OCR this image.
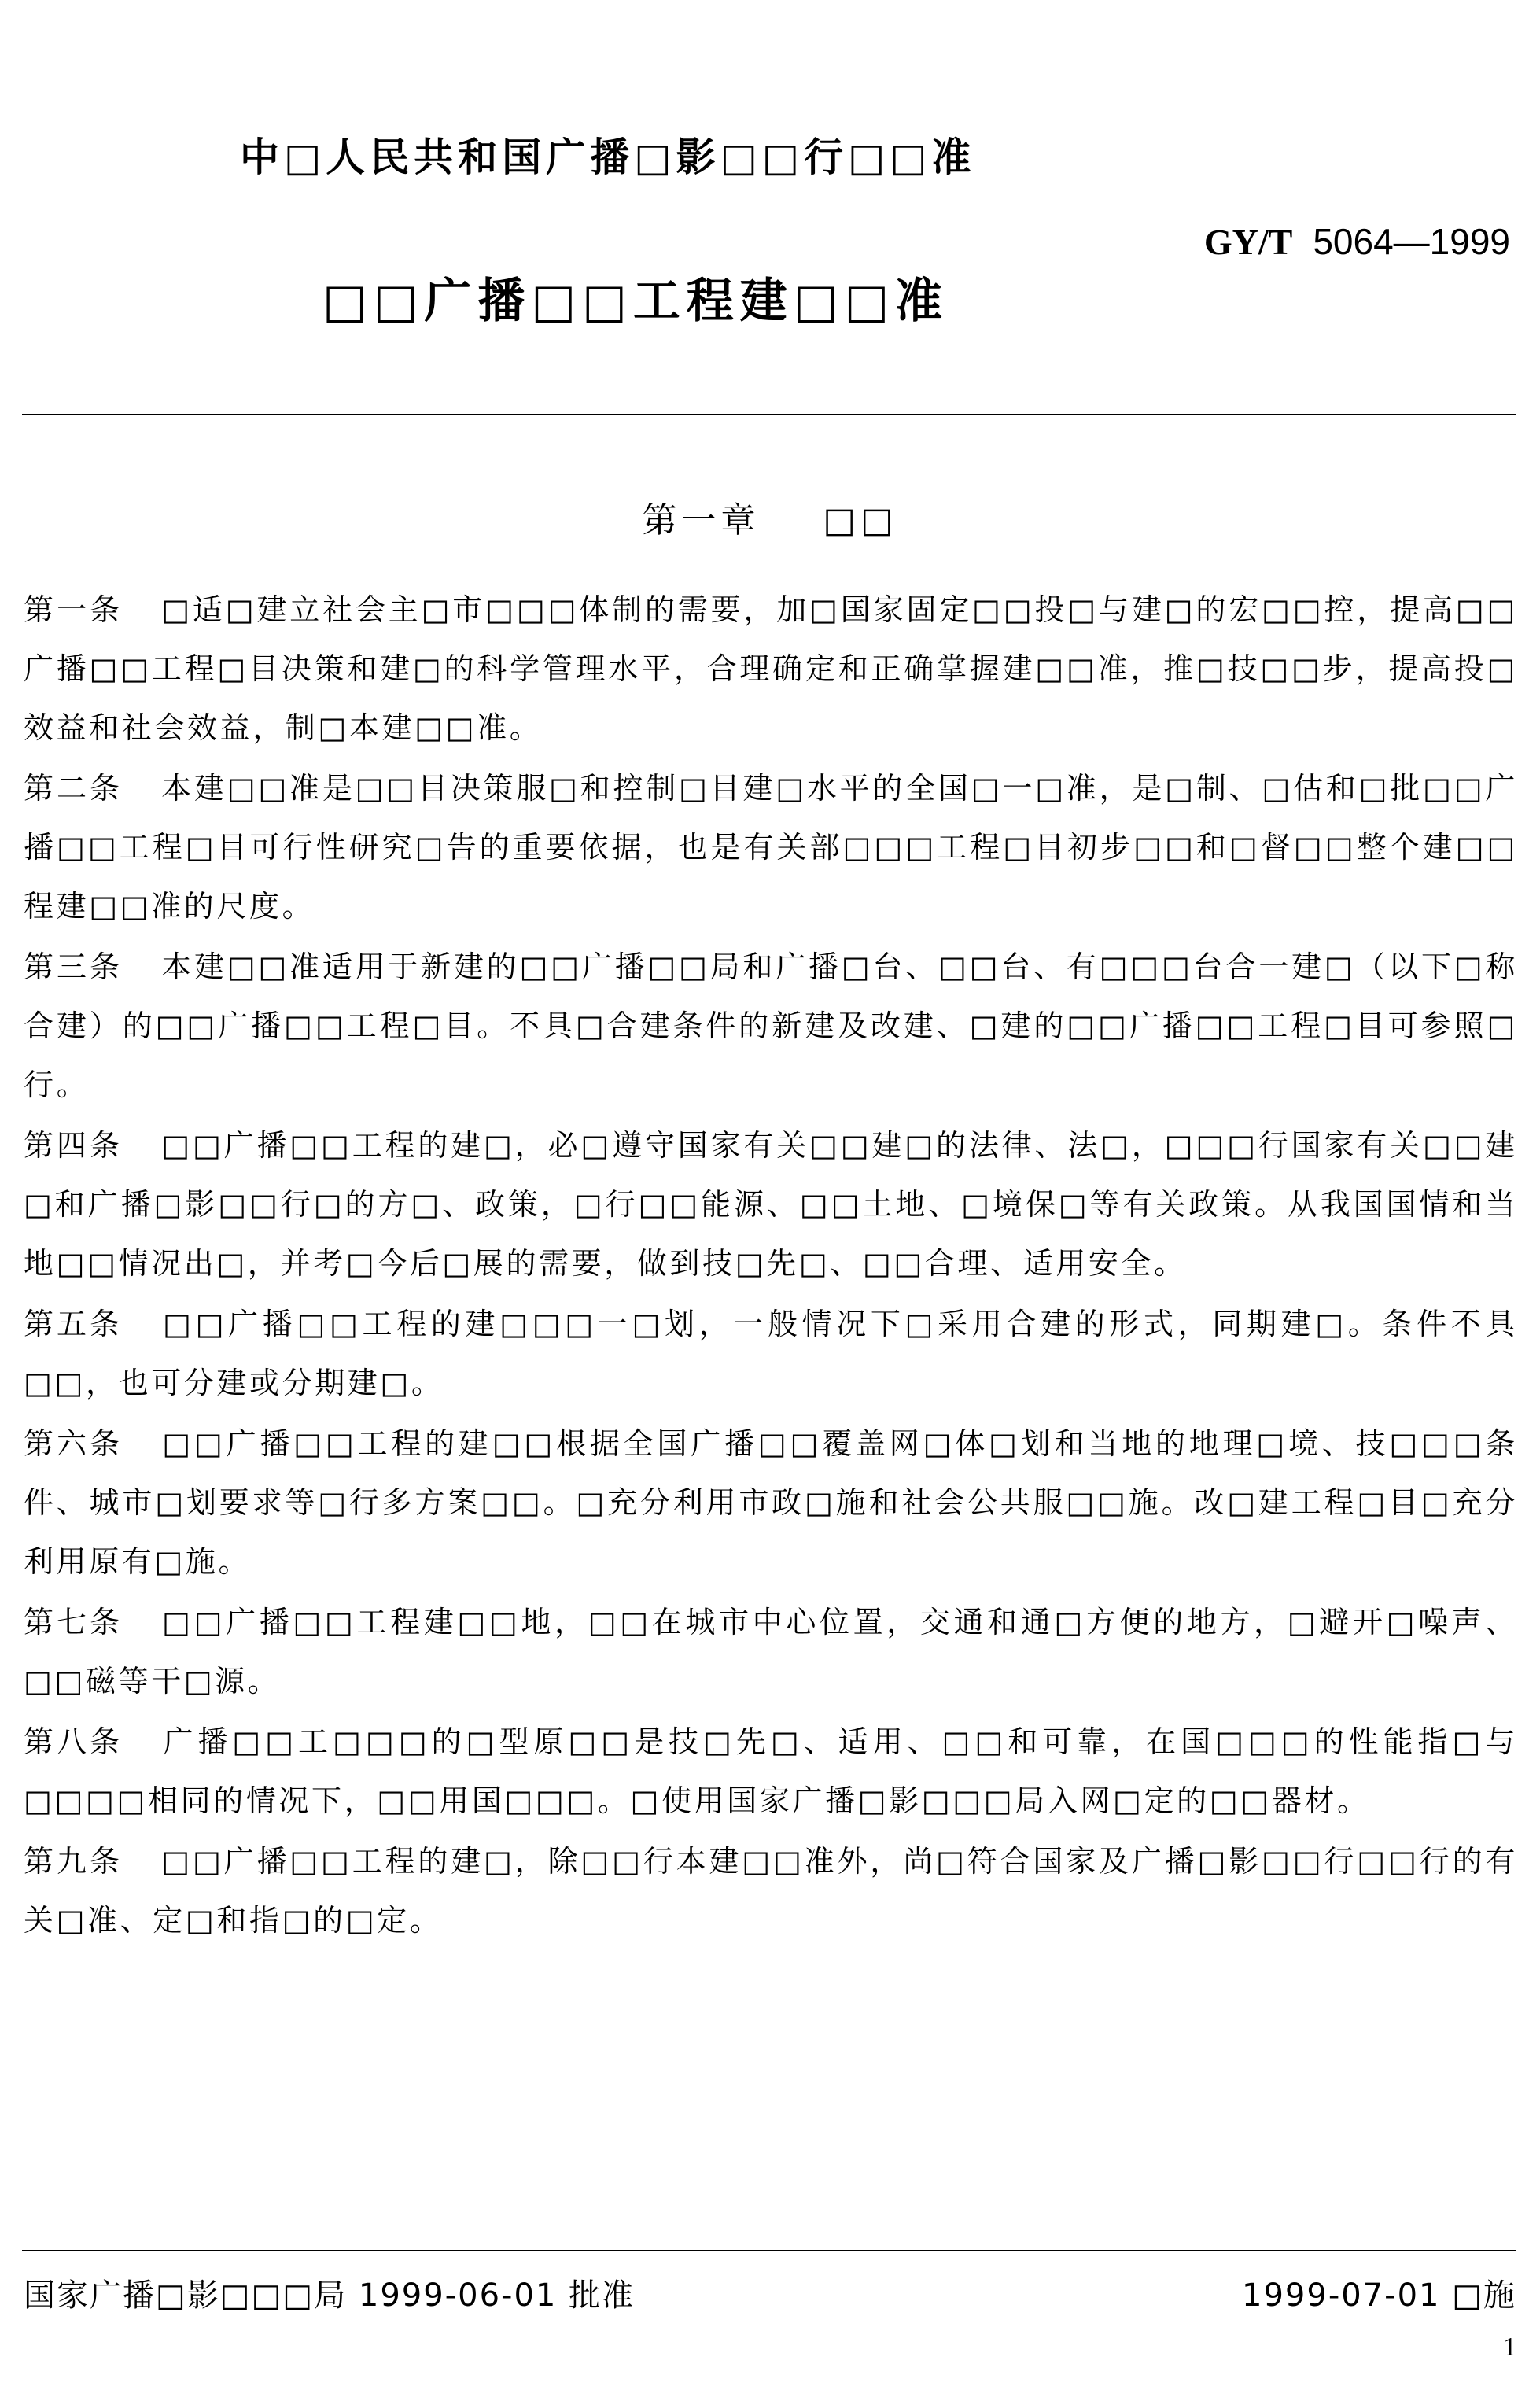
中□人民共和国广播□影□□行□□准
GY/T 5064—1999
□□广播□□工程建□□准
第一章    □□

第一条 □适□建立社会主□市□□□体制的需要，加□国家固定□□投□与建□的宏□□控，提高□□广播□□工程□目决策和建□的科学管理水平，合理确定和正确掌握建□□准，推□技□□步，提高投□效益和社会效益，制□本建□□准。

第二条 本建□□准是□□目决策服□和控制□目建□水平的全国□一□准，是□制、□估和□批□□广播□□工程□目可行性研究□告的重要依据，也是有关部□□□工程□目初步□□和□督□□整个建□□程建□□准的尺度。

第三条 本建□□准适用于新建的□□广播□□局和广播□台、□□台、有□□□台合一建□（以下□称合建）的□□广播□□工程□目。不具□合建条件的新建及改建、□建的□□广播□□工程□目可参照□行。

第四条 □□广播□□工程的建□，必□遵守国家有关□□建□的法律、法□，□□□行国家有关□□建□和广播□影□□行□的方□、政策，□行□□能源、□□土地、□境保□等有关政策。从我国国情和当地□□情况出□，并考□今后□展的需要，做到技□先□、□□合理、适用安全。

第五条 □□广播□□工程的建□□□一□划，一般情况下□采用合建的形式，同期建□。条件不具□□，也可分建或分期建□。

第六条 □□广播□□工程的建□□根据全国广播□□覆盖网□体□划和当地的地理□境、技□□□条件、城市□划要求等□行多方案□□。□充分利用市政□施和社会公共服□□施。改□建工程□目□充分利用原有□施。

第七条 □□广播□□工程建□□地，□□在城市中心位置，交通和通□方便的地方，□避开□噪声、□□磁等干□源。

第八条 广播□□工□□□的□型原□□是技□先□、适用、□□和可靠，在国□□□的性能指□与□□□□相同的情况下，□□用国□□□。□使用国家广播□影□□□局入网□定的□□器材。

第九条 □□广播□□工程的建□，除□□行本建□□准外，尚□符合国家及广播□影□□行□□行的有关□准、定□和指□的□定。

国家广播□影□□□局 1999-06-01 批准	1999-07-01 □施
1
